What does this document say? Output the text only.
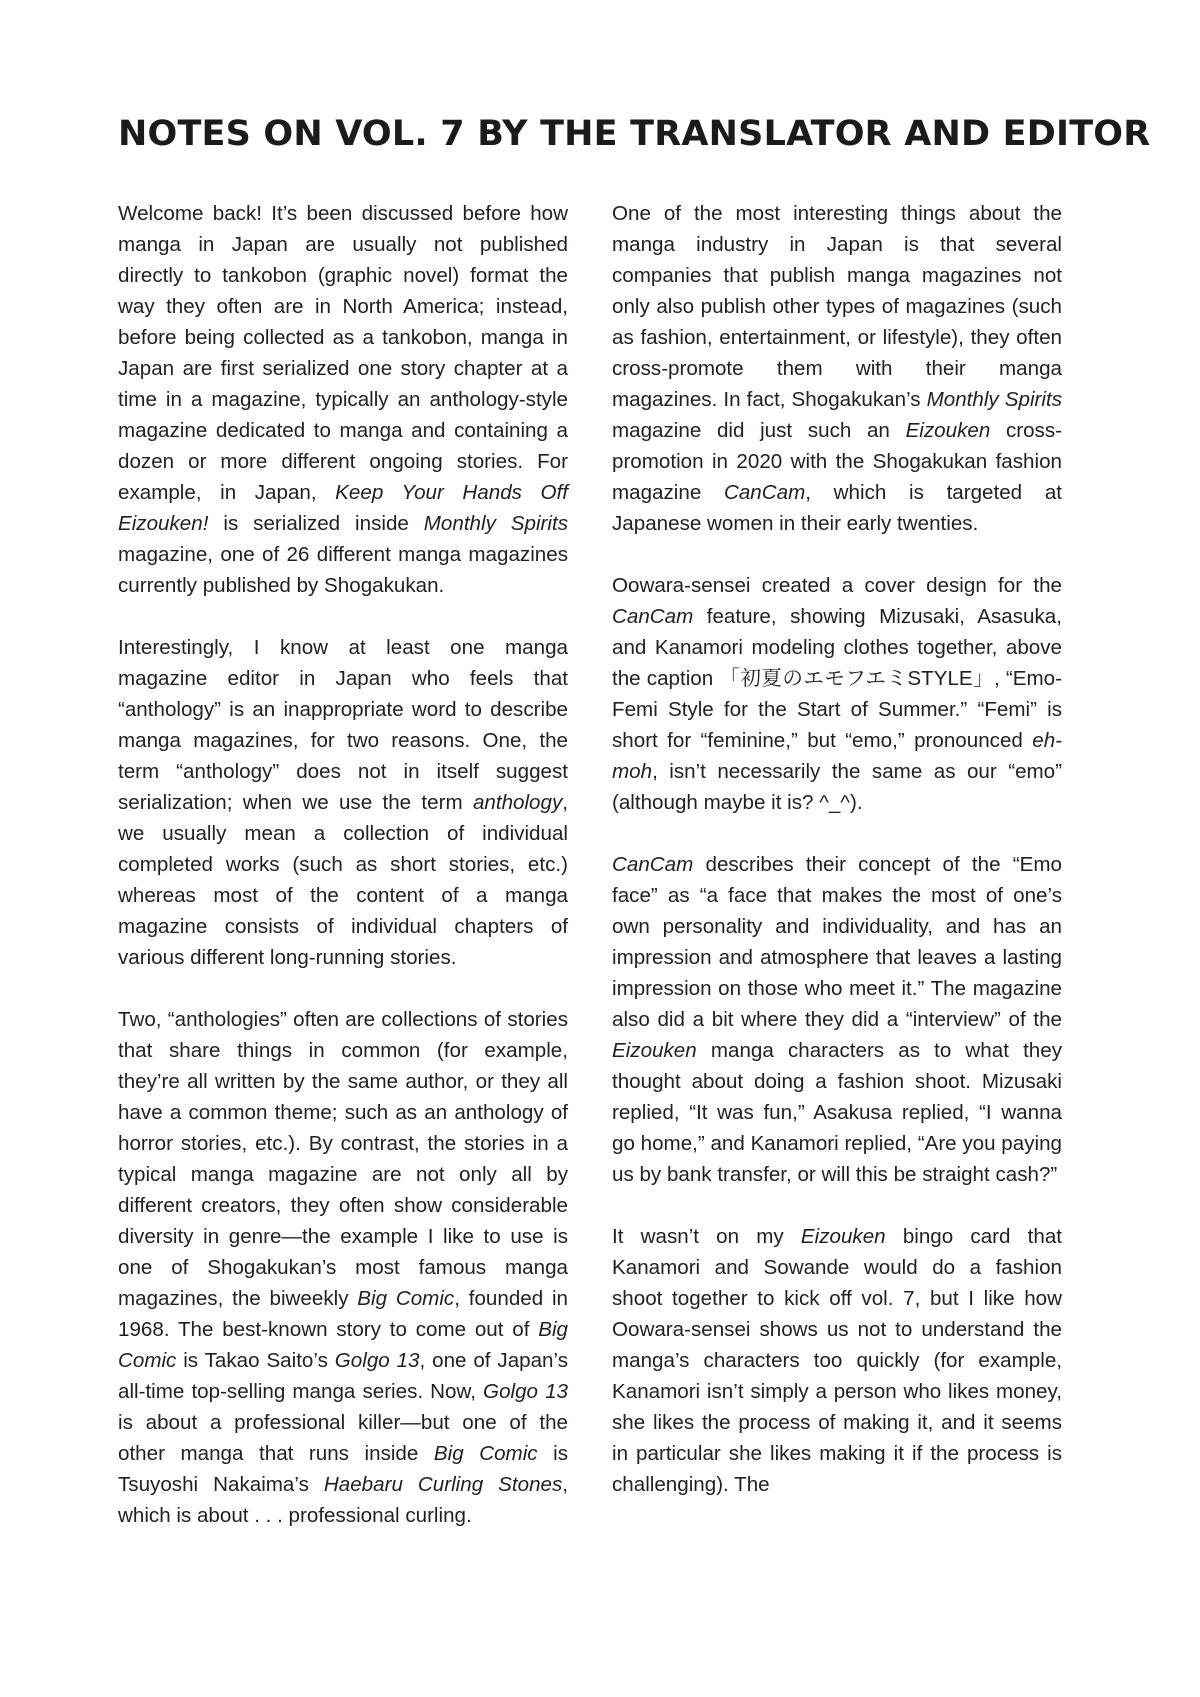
NOTES ON VOL. 7 BY THE TRANSLATOR AND EDITOR

Welcome back! It’s been discussed before how manga in Japan are usually not published directly to tankobon (graphic novel) format the way they often are in North America; instead, before being collected as a tankobon, manga in Japan are first serialized one story chapter at a time in a magazine, typically an anthology-style magazine dedicated to manga and containing a dozen or more different ongoing stories. For example, in Japan, Keep Your Hands Off Eizouken! is serialized inside Monthly Spirits magazine, one of 26 different manga magazines currently published by Shogakukan.

Interestingly, I know at least one manga magazine editor in Japan who feels that “anthology” is an inappropriate word to describe manga magazines, for two reasons. One, the term “anthology” does not in itself suggest serialization; when we use the term anthology, we usually mean a collection of individual completed works (such as short stories, etc.) whereas most of the content of a manga magazine consists of individual chapters of various different long-running stories.

Two, “anthologies” often are collections of stories that share things in common (for example, they’re all written by the same author, or they all have a common theme; such as an anthology of horror stories, etc.). By contrast, the stories in a typical manga magazine are not only all by different creators, they often show considerable diversity in genre—the example I like to use is one of Shogakukan’s most famous manga magazines, the biweekly Big Comic, founded in 1968. The best-known story to come out of Big Comic is Takao Saito’s Golgo 13, one of Japan’s all-time top-selling manga series. Now, Golgo 13 is about a professional killer—but one of the other manga that runs inside Big Comic is Tsuyoshi Nakaima’s Haebaru Curling Stones, which is about . . . professional curling.

One of the most interesting things about the manga industry in Japan is that several companies that publish manga magazines not only also publish other types of magazines (such as fashion, entertainment, or lifestyle), they often cross-promote them with their manga magazines. In fact, Shogakukan’s Monthly Spirits magazine did just such an Eizouken cross-promotion in 2020 with the Shogakukan fashion magazine CanCam, which is targeted at Japanese women in their early twenties.

Oowara-sensei created a cover design for the CanCam feature, showing Mizusaki, Asasuka, and Kanamori modeling clothes together, above the caption 「初夏のエモフエミSTYLE」, “Emo-Femi Style for the Start of Summer.” “Femi” is short for “feminine,” but “emo,” pronounced eh-moh, isn’t necessarily the same as our “emo” (although maybe it is? ^_^).

CanCam describes their concept of the “Emo face” as “a face that makes the most of one’s own personality and individuality, and has an impression and atmosphere that leaves a lasting impression on those who meet it.” The magazine also did a bit where they did a “interview” of the Eizouken manga characters as to what they thought about doing a fashion shoot. Mizusaki replied, “It was fun,” Asakusa replied, “I wanna go home,” and Kanamori replied, “Are you paying us by bank transfer, or will this be straight cash?”

It wasn’t on my Eizouken bingo card that Kanamori and Sowande would do a fashion shoot together to kick off vol. 7, but I like how Oowara-sensei shows us not to understand the manga’s characters too quickly (for example, Kanamori isn’t simply a person who likes money, she likes the process of making it, and it seems in particular she likes making it if the process is challenging). The
